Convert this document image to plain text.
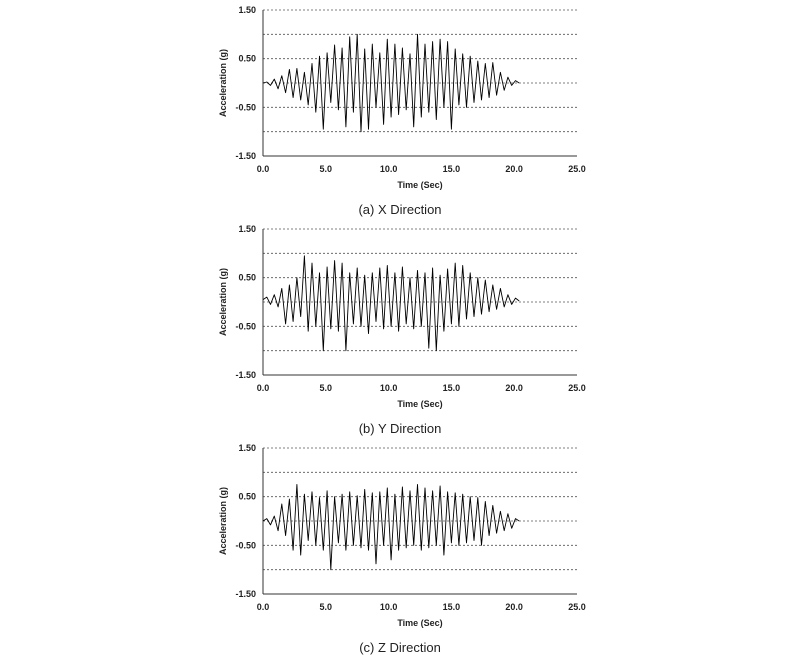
1.50
0.50
-0.50
-1.50
0.0	5.0	10.0	15.0	20.0	25.0
Time (Sec)
Acceleration (g)
(a) X Direction
1.50
0.50
-0.50
-1.50
0.0	5.0	10.0	15.0	20.0	25.0
Time (Sec)
Acceleration (g)
(b) Y Direction
1.50
0.50
-0.50
-1.50
0.0	5.0	10.0	15.0	20.0	25.0
Time (Sec)
Acceleration (g)
(c) Z Direction
